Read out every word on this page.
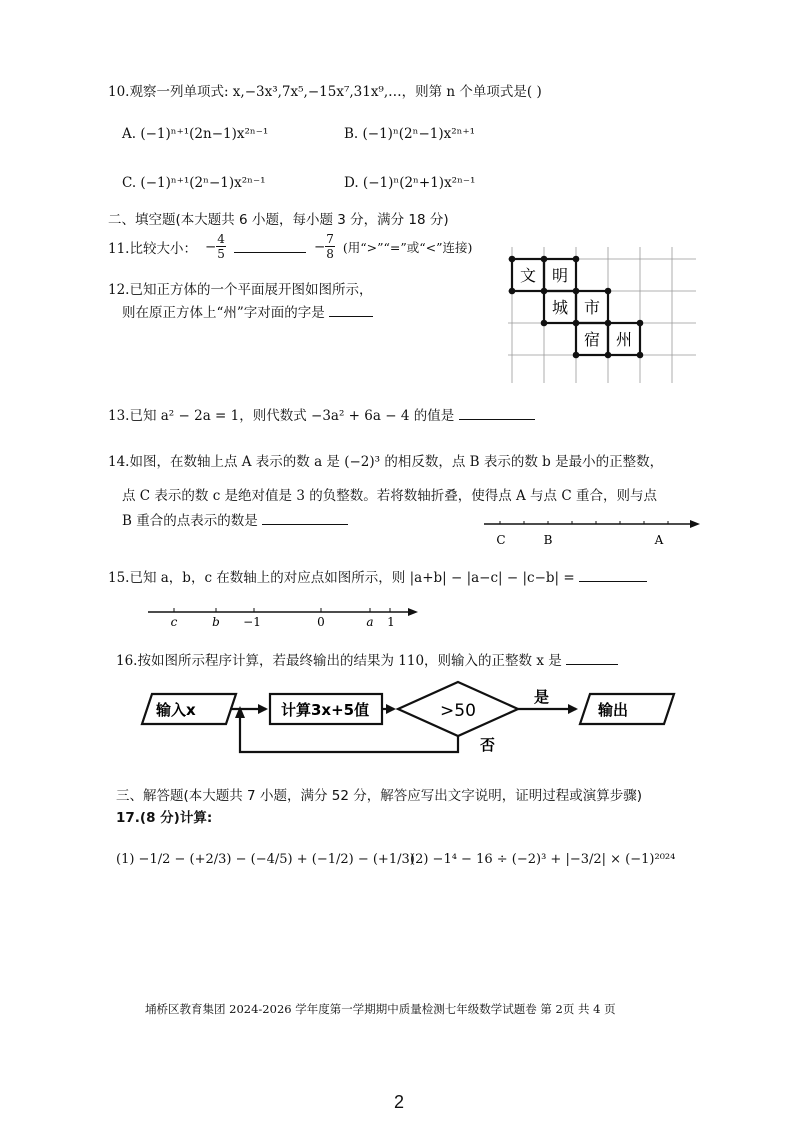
10.观察一列单项式: x,−3x³,7x⁵,−15x⁷,31x⁹,…，则第 n 个单项式是( )
A. (−1)ⁿ⁺¹(2n−1)x²ⁿ⁻¹	B. (−1)ⁿ(2ⁿ−1)x²ⁿ⁺¹
C. (−1)ⁿ⁺¹(2ⁿ−1)x²ⁿ⁻¹	D. (−1)ⁿ(2ⁿ+1)x²ⁿ⁻¹
二、填空题(本大题共 6 小题，每小题 3 分，满分 18 分)
11.比较大小： − $\frac{4}{5}$	− $\frac{7}{8}$ (用“>”“=”或“<”连接)
12.已知正方体的一个平面展开图如图所示，
则在原正方体上“州”字对面的字是
文 明
城 市
宿 州
13.已知 a² − 2a = 1，则代数式 −3a² + 6a − 4 的值是
14.如图，在数轴上点 A 表示的数 a 是 (−2)³ 的相反数，点 B 表示的数 b 是最小的正整数，
点 C 表示的数 c 是绝对值是 3 的负整数。若将数轴折叠，使得点 A 与点 C 重合，则与点
B 重合的点表示的数是
C	B	A
15.已知 a，b，c 在数轴上的对应点如图所示，则 |a+b| − |a−c| − |c−b| =
c	b −1	0	a 1
16.按如图所示程序计算，若最终输出的结果为 110，则输入的正整数 x 是
输入x	计算3x+5值	>50
是
否
输出
三、解答题(本大题共 7 小题，满分 52 分，解答应写出文字说明，证明过程或演算步骤)
17.(8 分)计算:
(1) −1/2 − (+2/3) − (−4/5) + (−1/2) − (+1/3)
(2) −1⁴ − 16 ÷ (−2)³ + |−3/2| × (−1)²⁰²⁴
埇桥区教育集团 2024-2026 学年度第一学期期中质量检测七年级数学试题卷 第 2页 共 4 页
2
